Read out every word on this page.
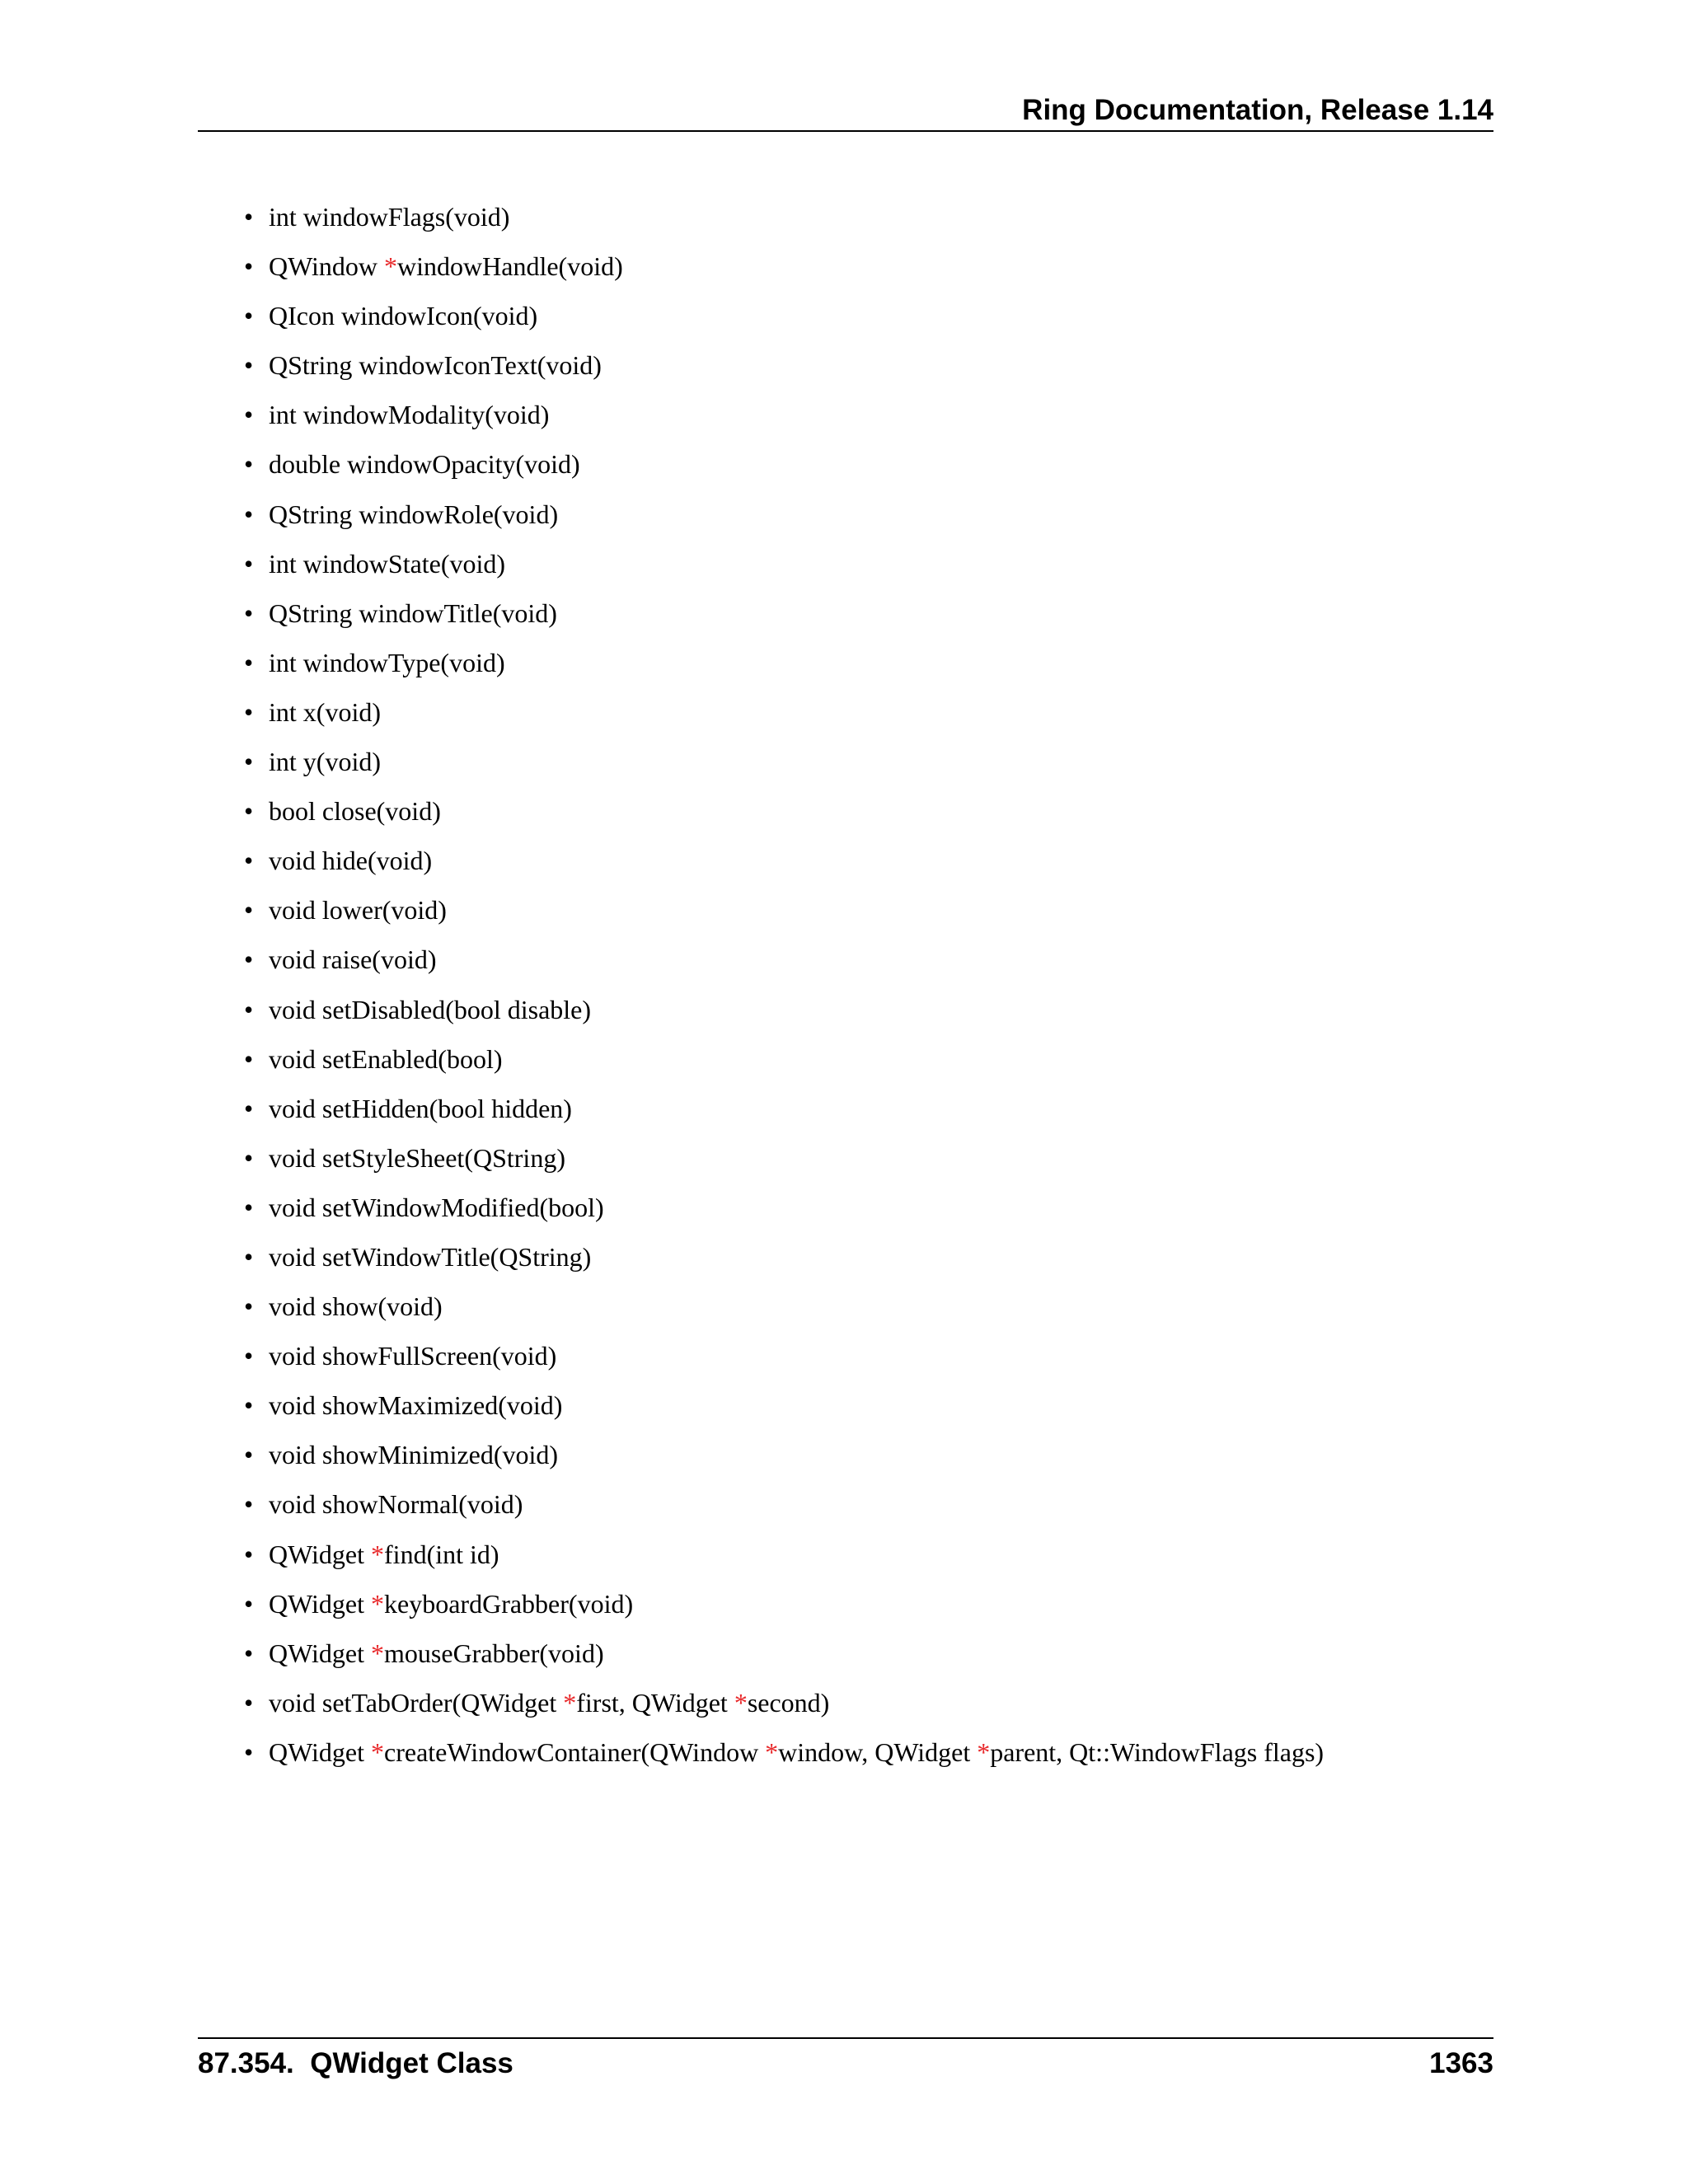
Ring Documentation, Release 1.14
• int windowFlags(void)
• QWindow *windowHandle(void)
• QIcon windowIcon(void)
• QString windowIconText(void)
• int windowModality(void)
• double windowOpacity(void)
• QString windowRole(void)
• int windowState(void)
• QString windowTitle(void)
• int windowType(void)
• int x(void)
• int y(void)
• bool close(void)
• void hide(void)
• void lower(void)
• void raise(void)
• void setDisabled(bool disable)
• void setEnabled(bool)
• void setHidden(bool hidden)
• void setStyleSheet(QString)
• void setWindowModified(bool)
• void setWindowTitle(QString)
• void show(void)
• void showFullScreen(void)
• void showMaximized(void)
• void showMinimized(void)
• void showNormal(void)
• QWidget *find(int id)
• QWidget *keyboardGrabber(void)
• QWidget *mouseGrabber(void)
• void setTabOrder(QWidget *first, QWidget *second)
• QWidget *createWindowContainer(QWindow *window, QWidget *parent, Qt::WindowFlags flags)
87.354.  QWidget Class	1363
